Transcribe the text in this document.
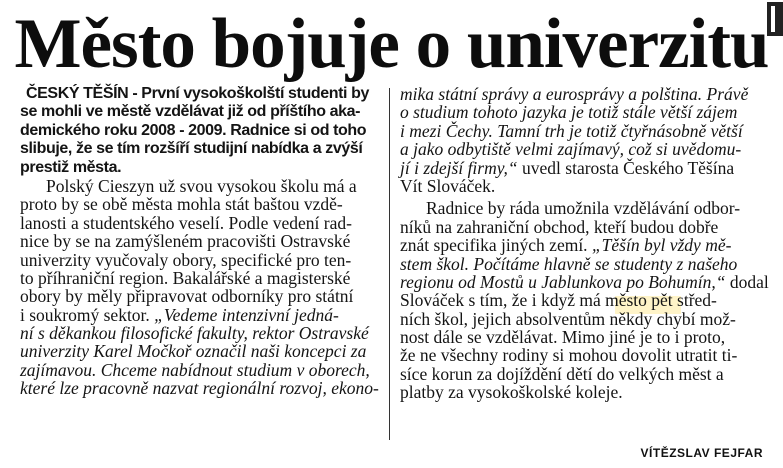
Město bojuje o univerzitu
ČESKÝ TĚŠÍN - První vysokoškolští studenti by
se mohli ve městě vzdělávat již od příštího aka-
demického roku 2008 - 2009. Radnice si od toho
slibuje, že se tím rozšíří studijní nabídka a zvýší
prestiž města.
Polský Cieszyn už svou vysokou školu má a
proto by se obě města mohla stát baštou vzdě-
lanosti a studentského veselí. Podle vedení rad-
nice by se na zamýšleném pracovišti Ostravské
univerzity vyučovaly obory, specifické pro ten-
to příhraniční region. Bakalářské a magisterské
obory by měly připravovat odborníky pro státní
i soukromý sektor. „Vedeme intenzivní jedná-
ní s děkankou filosofické fakulty, rektor Ostravské
univerzity Karel Močkoř označil naši koncepci za
zajímavou. Chceme nabídnout studium v oborech,
které lze pracovně nazvat regionální rozvoj, ekono-
mika státní správy a eurosprávy a polština. Právě
o studium tohoto jazyka je totiž stále větší zájem
i mezi Čechy. Tamní trh je totiž čtyřnásobně větší
a jako odbytiště velmi zajímavý, což si uvědomu-
jí i zdejší firmy,“ uvedl starosta Českého Těšína
Vít Slováček.
Radnice by ráda umožnila vzdělávání odbor-
níků na zahraniční obchod, kteří budou dobře
znát specifika jiných zemí. „Těšín byl vždy mě-
stem škol. Počítáme hlavně se studenty z našeho
regionu od Mostů u Jablunkova po Bohumín,“ dodal
Slováček s tím, že i když má město pět střed-
ních škol, jejich absolventům někdy chybí mož-
nost dále se vzdělávat. Mimo jiné je to i proto,
že ne všechny rodiny si mohou dovolit utratit ti-
síce korun za dojíždění dětí do velkých měst a
platby za vysokoškolské koleje.
VÍTĚZSLAV FEJFAR
